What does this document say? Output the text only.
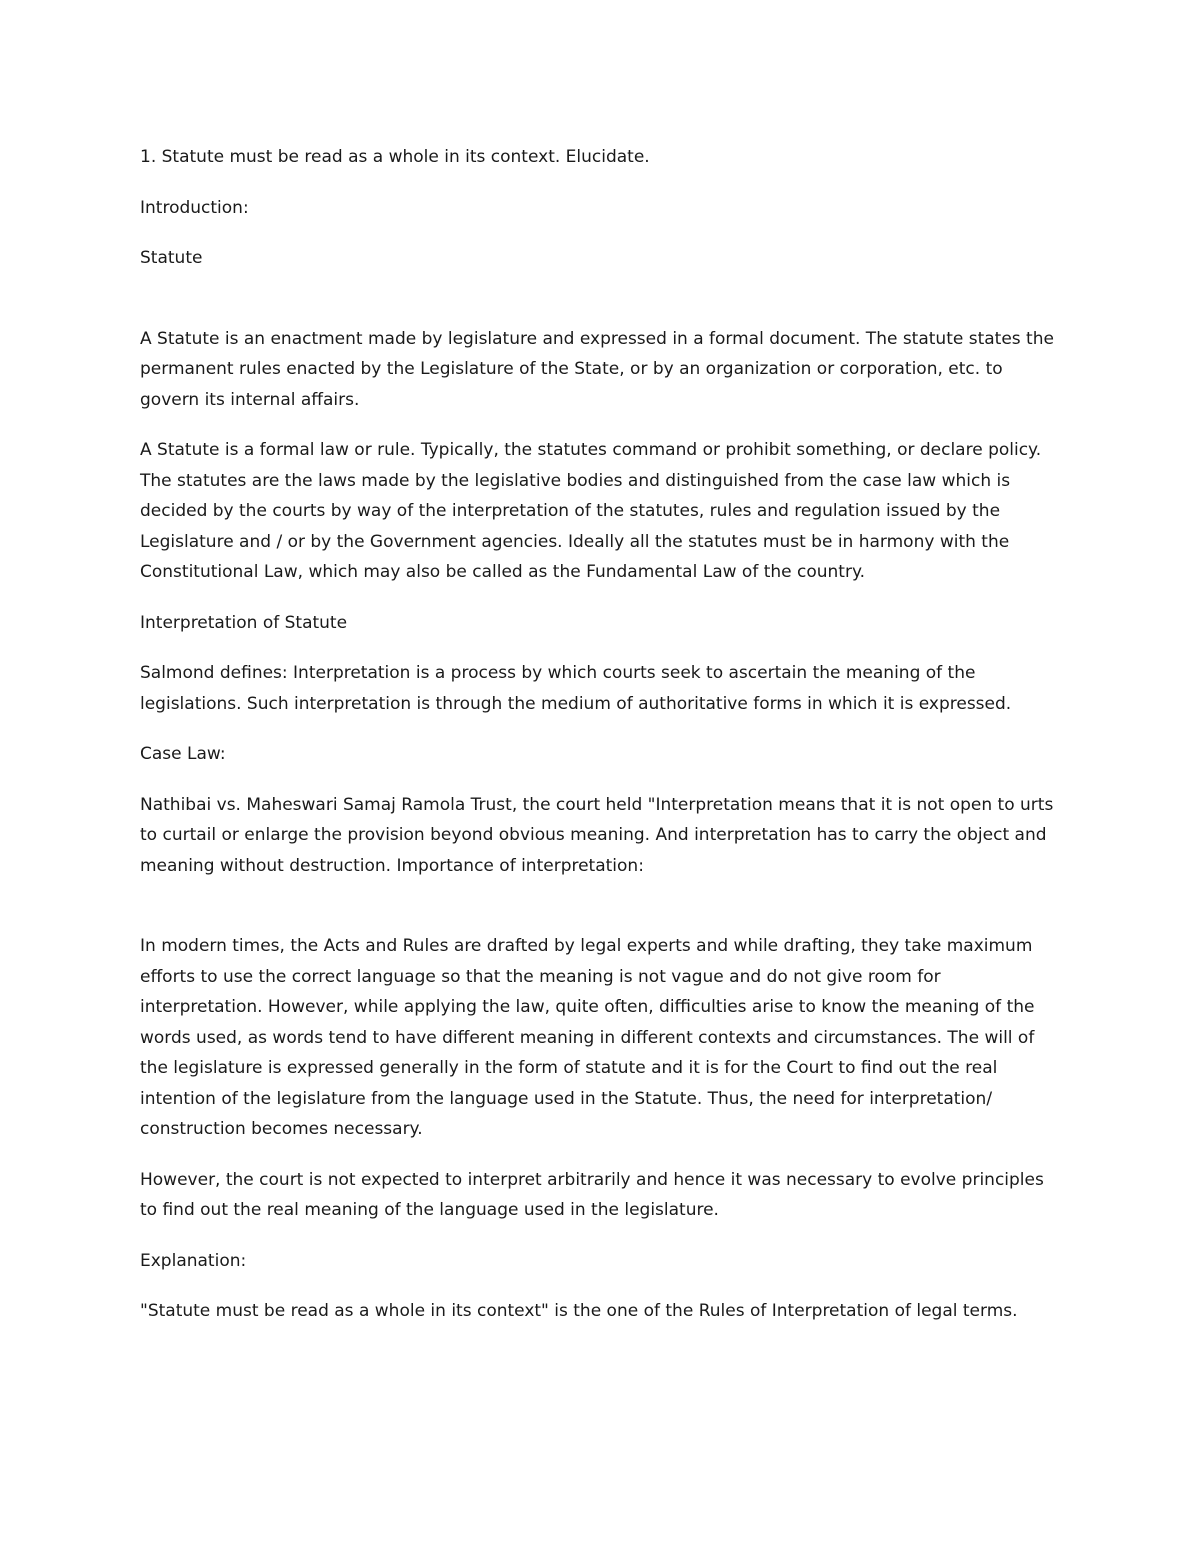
1. Statute must be read as a whole in its context. Elucidate.

Introduction:

Statute

A Statute is an enactment made by legislature and expressed in a formal document. The statute states the permanent rules enacted by the Legislature of the State, or by an organization or corporation, etc. to govern its internal affairs.

A Statute is a formal law or rule. Typically, the statutes command or prohibit something, or declare policy. The statutes are the laws made by the legislative bodies and distinguished from the case law which is decided by the courts by way of the interpretation of the statutes, rules and regulation issued by the Legislature and / or by the Government agencies. Ideally all the statutes must be in harmony with the Constitutional Law, which may also be called as the Fundamental Law of the country.

Interpretation of Statute

Salmond defines: Interpretation is a process by which courts seek to ascertain the meaning of the legislations. Such interpretation is through the medium of authoritative forms in which it is expressed.

Case Law:

Nathibai vs. Maheswari Samaj Ramola Trust, the court held "Interpretation means that it is not open to urts to curtail or enlarge the provision beyond obvious meaning. And interpretation has to carry the object and meaning without destruction. Importance of interpretation:

In modern times, the Acts and Rules are drafted by legal experts and while drafting, they take maximum efforts to use the correct language so that the meaning is not vague and do not give room for interpretation. However, while applying the law, quite often, difficulties arise to know the meaning of the words used, as words tend to have different meaning in different contexts and circumstances. The will of the legislature is expressed generally in the form of statute and it is for the Court to find out the real intention of the legislature from the language used in the Statute. Thus, the need for interpretation/ construction becomes necessary.

However, the court is not expected to interpret arbitrarily and hence it was necessary to evolve principles to find out the real meaning of the language used in the legislature.

Explanation:

"Statute must be read as a whole in its context" is the one of the Rules of Interpretation of legal terms.
